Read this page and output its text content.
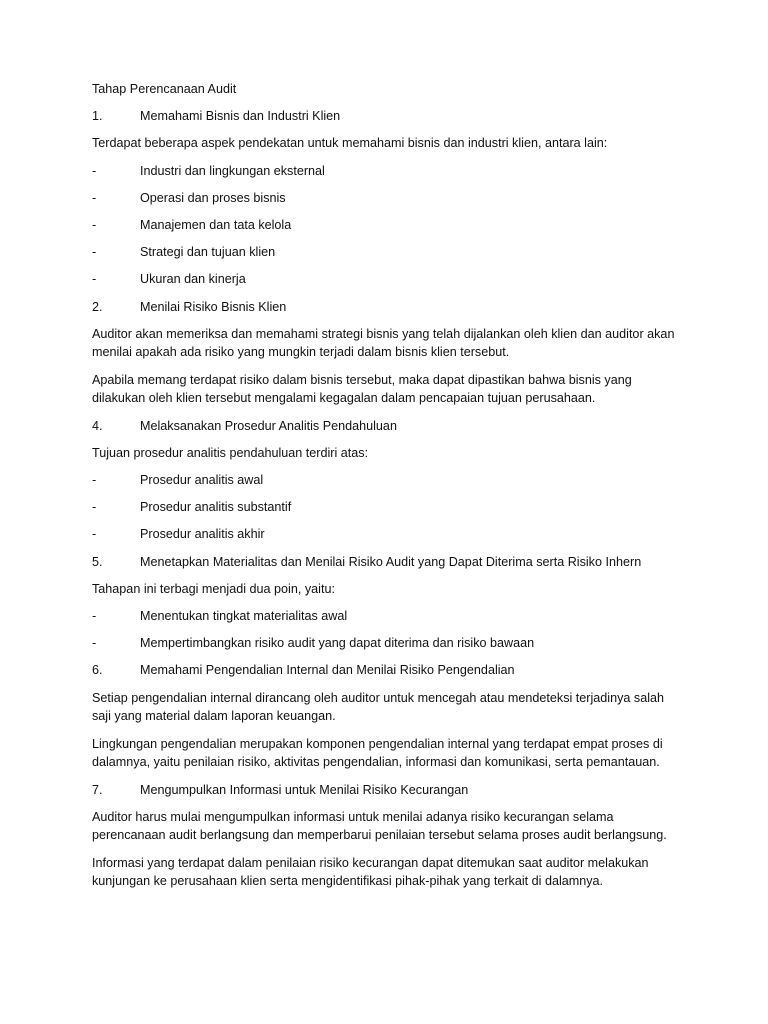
Tahap Perencanaan Audit
1.	Memahami Bisnis dan Industri Klien
Terdapat beberapa aspek pendekatan untuk memahami bisnis dan industri klien, antara lain:
-	Industri dan lingkungan eksternal
-	Operasi dan proses bisnis
-	Manajemen dan tata kelola
-	Strategi dan tujuan klien
-	Ukuran dan kinerja
2.	Menilai Risiko Bisnis Klien
Auditor akan memeriksa dan memahami strategi bisnis yang telah dijalankan oleh klien dan auditor akan menilai apakah ada risiko yang mungkin terjadi dalam bisnis klien tersebut.
Apabila memang terdapat risiko dalam bisnis tersebut, maka dapat dipastikan bahwa bisnis yang dilakukan oleh klien tersebut mengalami kegagalan dalam pencapaian tujuan perusahaan.
4.	Melaksanakan Prosedur Analitis Pendahuluan
Tujuan prosedur analitis pendahuluan terdiri atas:
-	Prosedur analitis awal
-	Prosedur analitis substantif
-	Prosedur analitis akhir
5.	Menetapkan Materialitas dan Menilai Risiko Audit yang Dapat Diterima serta Risiko Inhern
Tahapan ini terbagi menjadi dua poin, yaitu:
-	Menentukan tingkat materialitas awal
-	Mempertimbangkan risiko audit yang dapat diterima dan risiko bawaan
6.	Memahami Pengendalian Internal dan Menilai Risiko Pengendalian
Setiap pengendalian internal dirancang oleh auditor untuk mencegah atau mendeteksi terjadinya salah saji yang material dalam laporan keuangan.
Lingkungan pengendalian merupakan komponen pengendalian internal yang terdapat empat proses di dalamnya, yaitu penilaian risiko, aktivitas pengendalian, informasi dan komunikasi, serta pemantauan.
7.	Mengumpulkan Informasi untuk Menilai Risiko Kecurangan
Auditor harus mulai mengumpulkan informasi untuk menilai adanya risiko kecurangan selama perencanaan audit berlangsung dan memperbarui penilaian tersebut selama proses audit berlangsung.
Informasi yang terdapat dalam penilaian risiko kecurangan dapat ditemukan saat auditor melakukan kunjungan ke perusahaan klien serta mengidentifikasi pihak-pihak yang terkait di dalamnya.
